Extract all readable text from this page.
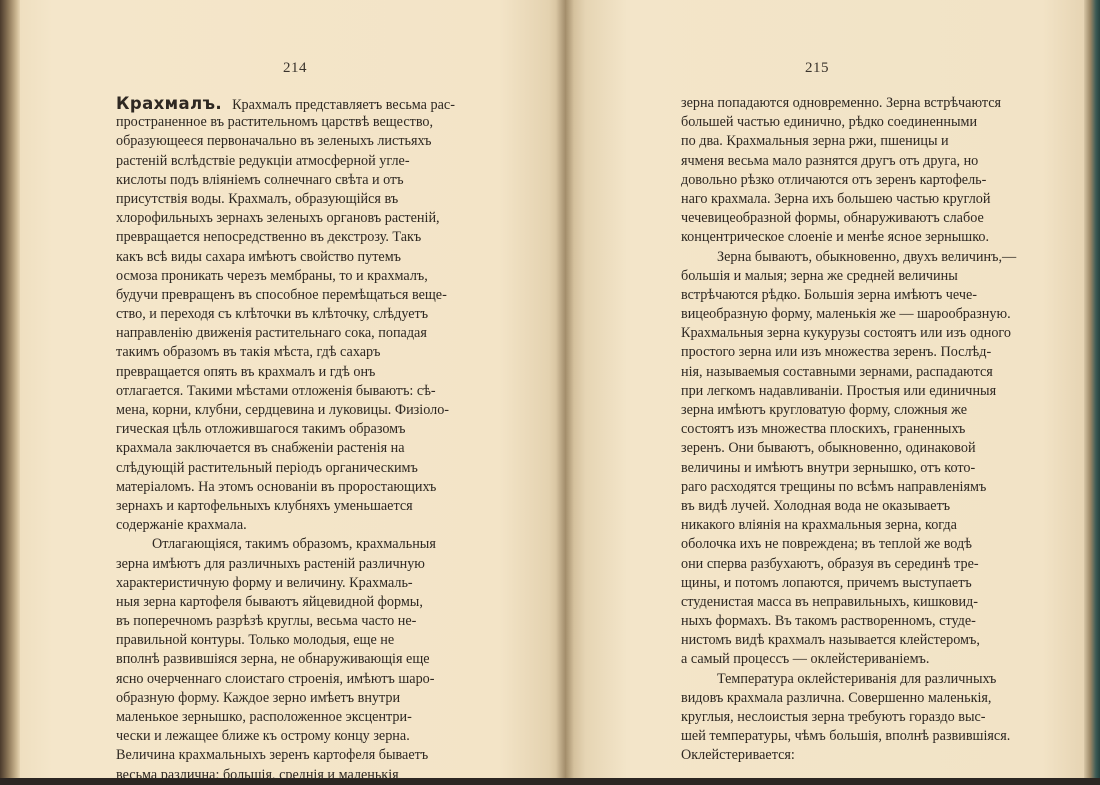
214
Крахмалъ. Крахмалъ представляетъ весьма рас-
пространенное въ растительномъ царствѣ вещество,
образующееся первоначально въ зеленыхъ листьяхъ
растеній вслѣдствіе редукціи атмосферной угле-
кислоты подъ вліяніемъ солнечнаго свѣта и отъ
присутствія воды. Крахмалъ, образующійся въ
хлорофильныхъ зернахъ зеленыхъ органовъ растеній,
превращается непосредственно въ декстрозу. Такъ
какъ всѣ виды сахара имѣютъ свойство путемъ
осмоза проникать черезъ мембраны, то и крахмалъ,
будучи превращенъ въ способное перемѣщаться веще-
ство, и переходя съ клѣточки въ клѣточку, слѣдуетъ
направленію движенія растительнаго сока, попадая
такимъ образомъ въ такія мѣста, гдѣ сахаръ
превращается опять въ крахмалъ и гдѣ онъ
отлагается. Такими мѣстами отложенія бываютъ: сѣ-
мена, корни, клубни, сердцевина и луковицы. Физіоло-
гическая цѣль отложившагося такимъ образомъ
крахмала заключается въ снабженіи растенія на
слѣдующій растительный періодъ органическимъ
матеріаломъ. На этомъ основаніи въ проростающихъ
зернахъ и картофельныхъ клубняхъ уменьшается
содержаніе крахмала.
Отлагающіяся, такимъ образомъ, крахмальныя
зерна имѣютъ для различныхъ растеній различную
характеристичную форму и величину. Крахмаль-
ныя зерна картофеля бываютъ яйцевидной формы,
въ поперечномъ разрѣзѣ круглы, весьма часто не-
правильной контуры. Только молодыя, еще не
вполнѣ развившіяся зерна, не обнаруживающія еще
ясно очерченнаго слоистаго строенія, имѣютъ шаро-
образную форму. Каждое зерно имѣетъ внутри
маленькое зернышко, расположенное эксцентри-
чески и лежащее ближе къ острому концу зерна.
Величина крахмальныхъ зеренъ картофеля бываетъ
весьма различна; большія, среднія и маленькія
215
зерна попадаются одновременно. Зерна встрѣчаются
большей частью единично, рѣдко соединенными
по два. Крахмальныя зерна ржи, пшеницы и
ячменя весьма мало разнятся другъ отъ друга, но
довольно рѣзко отличаются отъ зеренъ картофель-
наго крахмала. Зерна ихъ большею частью круглой
чечевицеобразной формы, обнаруживаютъ слабое
концентрическое слоеніе и менѣе ясное зернышко.
Зерна бываютъ, обыкновенно, двухъ величинъ,—
большія и малыя; зерна же средней величины
встрѣчаются рѣдко. Большія зерна имѣютъ чече-
вицеобразную форму, маленькія же — шарообразную.
Крахмальныя зерна кукурузы состоятъ или изъ одного
простого зерна или изъ множества зеренъ. Послѣд-
нія, называемыя составными зернами, распадаются
при легкомъ надавливаніи. Простыя или единичныя
зерна имѣютъ кругловатую форму, сложныя же
состоятъ изъ множества плоскихъ, граненныхъ
зеренъ. Они бываютъ, обыкновенно, одинаковой
величины и имѣютъ внутри зернышко, отъ кото-
раго расходятся трещины по всѣмъ направленіямъ
въ видѣ лучей. Холодная вода не оказываетъ
никакого вліянія на крахмальныя зерна, когда
оболочка ихъ не повреждена; въ теплой же водѣ
они сперва разбухаютъ, образуя въ серединѣ тре-
щины, и потомъ лопаются, причемъ выступаетъ
студенистая масса въ неправильныхъ, кишковид-
ныхъ формахъ. Въ такомъ растворенномъ, студе-
нистомъ видѣ крахмалъ называется клейстеромъ,
а самый процессъ — оклейстериваніемъ.
Температура оклейстериванія для различныхъ
видовъ крахмала различна. Совершенно маленькія,
круглыя, неслоистыя зерна требуютъ гораздо выс-
шей температуры, чѣмъ большія, вполнѣ развившіяся.
Оклейстеривается:
